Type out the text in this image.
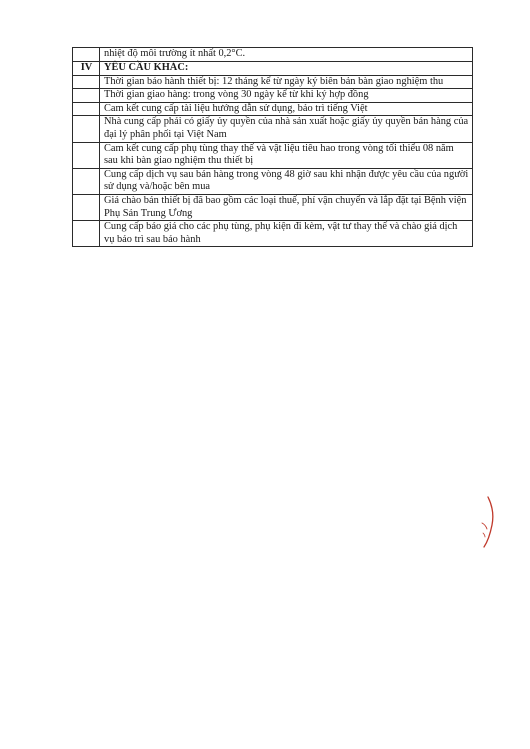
	nhiệt độ môi trường ít nhất 0,2°C.
IV	YÊU CẦU KHÁC:
	Thời gian bảo hành thiết bị: 12 tháng kể từ ngày ký biên bản bàn giao nghiệm thu
	Thời gian giao hàng: trong vòng 30 ngày kể từ khi ký hợp đồng
	Cam kết cung cấp tài liệu hướng dẫn sử dụng, bảo trì tiếng Việt
	Nhà cung cấp phải có giấy ủy quyền của nhà sản xuất hoặc giấy ủy quyền bán hàng của đại lý phân phối tại Việt Nam
	Cam kết cung cấp phụ tùng thay thế và vật liệu tiêu hao trong vòng tối thiểu 08 năm sau khi bàn giao nghiệm thu thiết bị
	Cung cấp dịch vụ sau bán hàng trong vòng 48 giờ sau khi nhận được yêu cầu của người sử dụng và/hoặc bên mua
	Giá chào bán thiết bị đã bao gồm các loại thuế, phí vận chuyển và lắp đặt tại Bệnh viện Phụ Sản Trung Ương
	Cung cấp báo giá cho các phụ tùng, phụ kiện đi kèm, vật tư thay thế và chào giá dịch vụ bảo trì sau bảo hành
